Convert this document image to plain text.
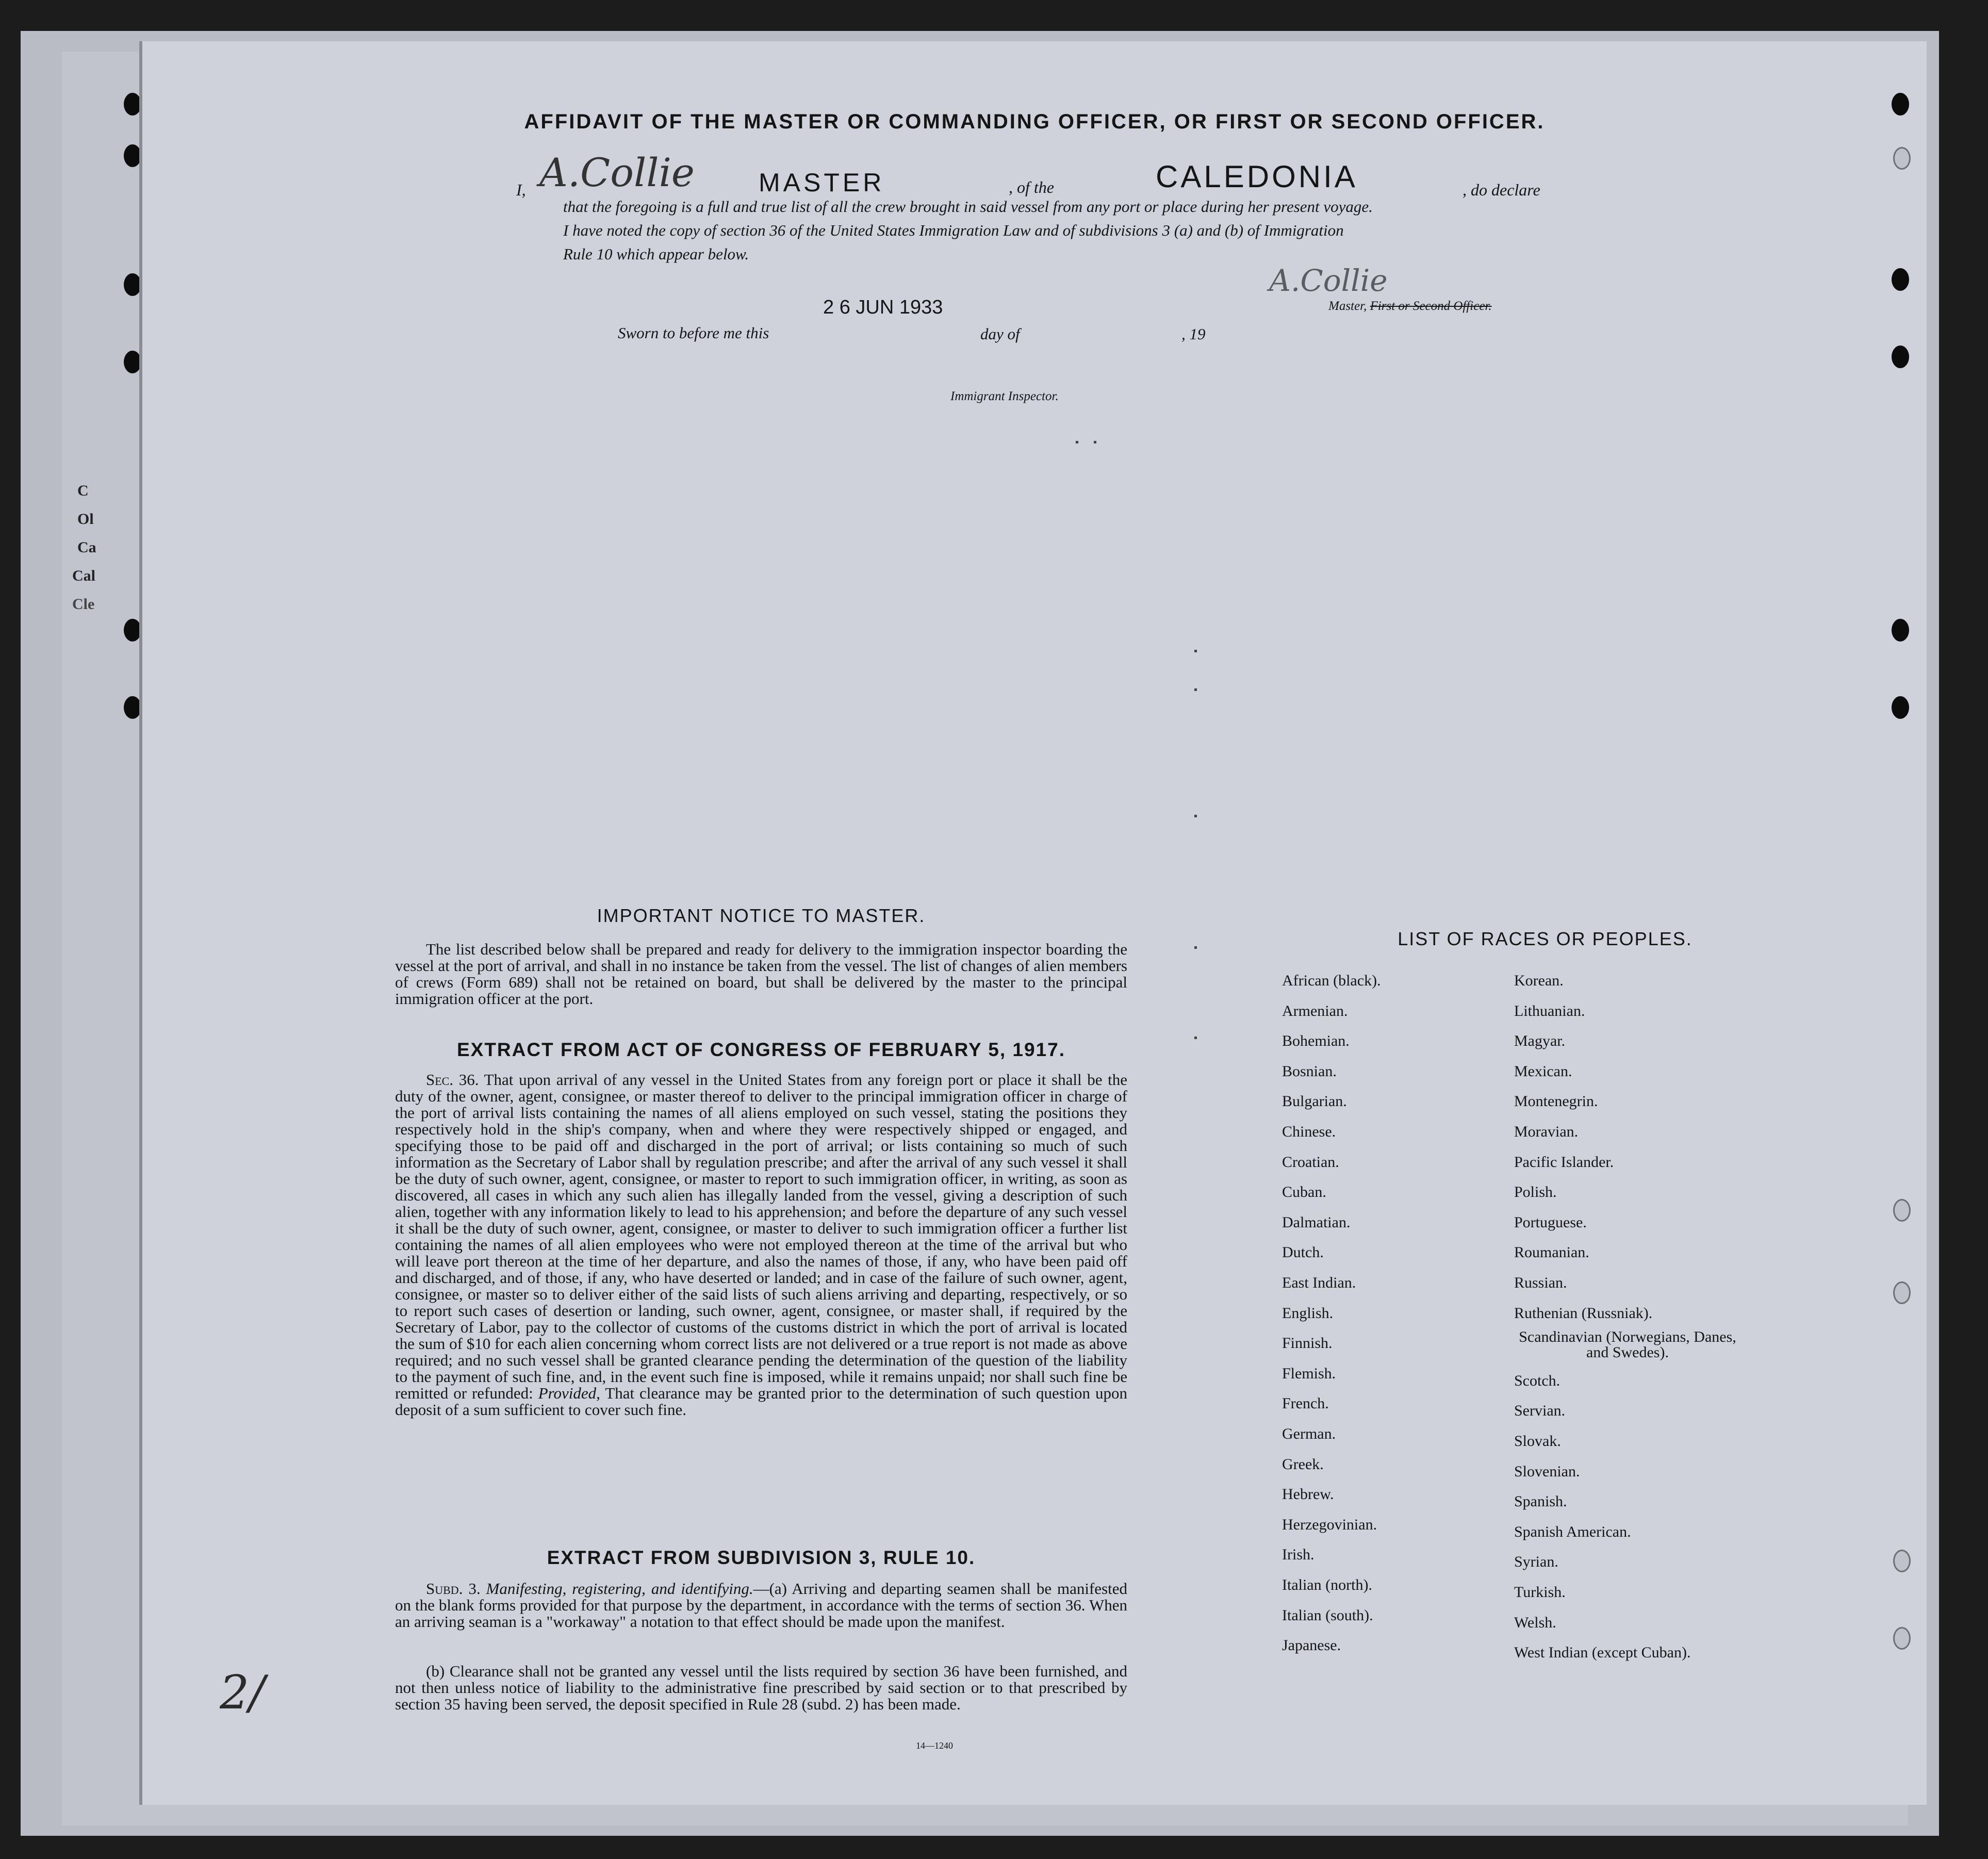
C
Ol
Ca
Cal
Cle
AFFIDAVIT OF THE MASTER OR COMMANDING OFFICER, OR FIRST OR SECOND OFFICER.
I, A.Collie MASTER	, of the	CALEDONIA	, do declare
that the foregoing is a full and true list of all the crew brought in said vessel from any port or place during her present voyage.
I have noted the copy of section 36 of the United States Immigration Law and of subdivisions 3 (a) and (b) of Immigration
Rule 10 which appear below.
2 6 JUN 1933
Sworn to before me this	day of	, 19
A.Collie
Master, First or Second Officer.
Immigrant Inspector.
IMPORTANT NOTICE TO MASTER.
The list described below shall be prepared and ready for delivery to the immigration inspector boarding the vessel at the port of arrival, and shall in no instance be taken from the vessel. The list of changes of alien members of crews (Form 689) shall not be retained on board, but shall be delivered by the master to the principal immigration officer at the port.
EXTRACT FROM ACT OF CONGRESS OF FEBRUARY 5, 1917.
Sec. 36. That upon arrival of any vessel in the United States from any foreign port or place it shall be the duty of the owner, agent, consignee, or master thereof to deliver to the principal immigration officer in charge of the port of arrival lists containing the names of all aliens employed on such vessel, stating the positions they respectively hold in the ship's company, when and where they were respectively shipped or engaged, and specifying those to be paid off and discharged in the port of arrival; or lists containing so much of such information as the Secretary of Labor shall by regulation prescribe; and after the arrival of any such vessel it shall be the duty of such owner, agent, consignee, or master to report to such immigration officer, in writing, as soon as discovered, all cases in which any such alien has illegally landed from the vessel, giving a description of such alien, together with any information likely to lead to his apprehension; and before the departure of any such vessel it shall be the duty of such owner, agent, consignee, or master to deliver to such immigration officer a further list containing the names of all alien employees who were not employed thereon at the time of the arrival but who will leave port thereon at the time of her departure, and also the names of those, if any, who have been paid off and discharged, and of those, if any, who have deserted or landed; and in case of the failure of such owner, agent, consignee, or master so to deliver either of the said lists of such aliens arriving and departing, respectively, or so to report such cases of desertion or landing, such owner, agent, consignee, or master shall, if required by the Secretary of Labor, pay to the collector of customs of the customs district in which the port of arrival is located the sum of $10 for each alien concerning whom correct lists are not delivered or a true report is not made as above required; and no such vessel shall be granted clearance pending the determination of the question of the liability to the payment of such fine, and, in the event such fine is imposed, while it remains unpaid; nor shall such fine be remitted or refunded: Provided, That clearance may be granted prior to the determination of such question upon deposit of a sum sufficient to cover such fine.
EXTRACT FROM SUBDIVISION 3, RULE 10.
Subd. 3. Manifesting, registering, and identifying.—(a) Arriving and departing seamen shall be manifested on the blank forms provided for that purpose by the department, in accordance with the terms of section 36. When an arriving seaman is a "workaway" a notation to that effect should be made upon the manifest.
(b) Clearance shall not be granted any vessel until the lists required by section 36 have been furnished, and not then unless notice of liability to the administrative fine prescribed by said section or to that prescribed by section 35 having been served, the deposit specified in Rule 28 (subd. 2) has been made.
14—1240
2/
LIST OF RACES OR PEOPLES.
African (black).
Armenian.
Bohemian.
Bosnian.
Bulgarian.
Chinese.
Croatian.
Cuban.
Dalmatian.
Dutch.
East Indian.
English.
Finnish.
Flemish.
French.
German.
Greek.
Hebrew.
Herzegovinian.
Irish.
Italian (north).
Italian (south).
Japanese.
Korean.
Lithuanian.
Magyar.
Mexican.
Montenegrin.
Moravian.
Pacific Islander.
Polish.
Portuguese.
Roumanian.
Russian.
Ruthenian (Russniak).
Scandinavian (Norwegians, Danes, and Swedes).
Scotch.
Servian.
Slovak.
Slovenian.
Spanish.
Spanish American.
Syrian.
Turkish.
Welsh.
West Indian (except Cuban).
